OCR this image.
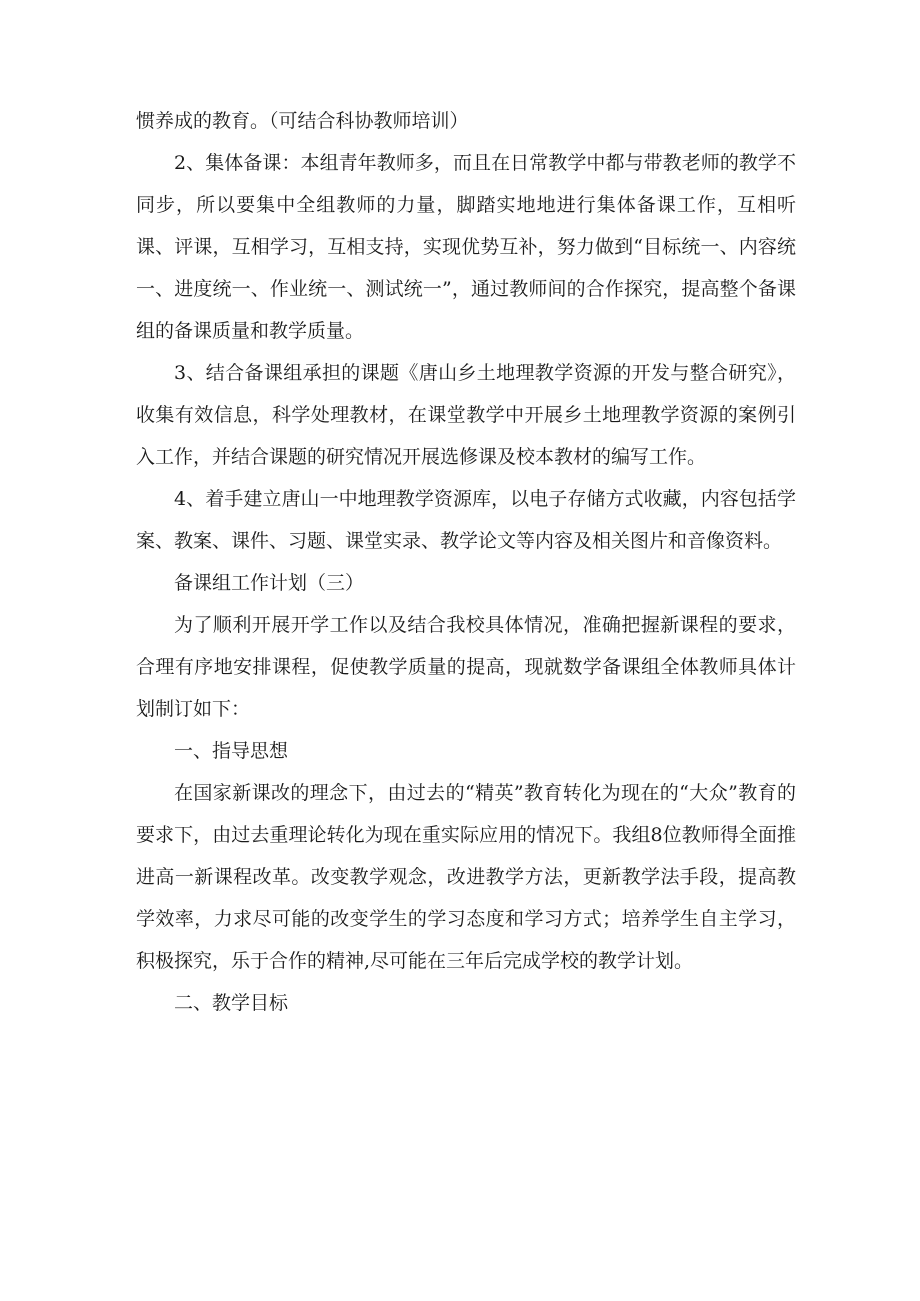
惯养成的教育。（可结合科协教师培训）

2、集体备课：本组青年教师多，而且在日常教学中都与带教老师的教学不同步，所以要集中全组教师的力量，脚踏实地地进行集体备课工作，互相听课、评课，互相学习，互相支持，实现优势互补，努力做到“目标统一、内容统一、进度统一、作业统一、测试统一”，通过教师间的合作探究，提高整个备课组的备课质量和教学质量。

3、结合备课组承担的课题《唐山乡土地理教学资源的开发与整合研究》，收集有效信息，科学处理教材，在课堂教学中开展乡土地理教学资源的案例引入工作，并结合课题的研究情况开展选修课及校本教材的编写工作。

4、着手建立唐山一中地理教学资源库，以电子存储方式收藏，内容包括学案、教案、课件、习题、课堂实录、教学论文等内容及相关图片和音像资料。

备课组工作计划（三）

为了顺利开展开学工作以及结合我校具体情况，准确把握新课程的要求，合理有序地安排课程，促使教学质量的提高，现就数学备课组全体教师具体计划制订如下：

一、指导思想

在国家新课改的理念下，由过去的“精英”教育转化为现在的“大众”教育的要求下，由过去重理论转化为现在重实际应用的情况下。我组8位教师得全面推进高一新课程改革。改变教学观念，改进教学方法，更新教学法手段，提高教学效率，力求尽可能的改变学生的学习态度和学习方式；培养学生自主学习，积极探究，乐于合作的精神,尽可能在三年后完成学校的教学计划。

二、教学目标
